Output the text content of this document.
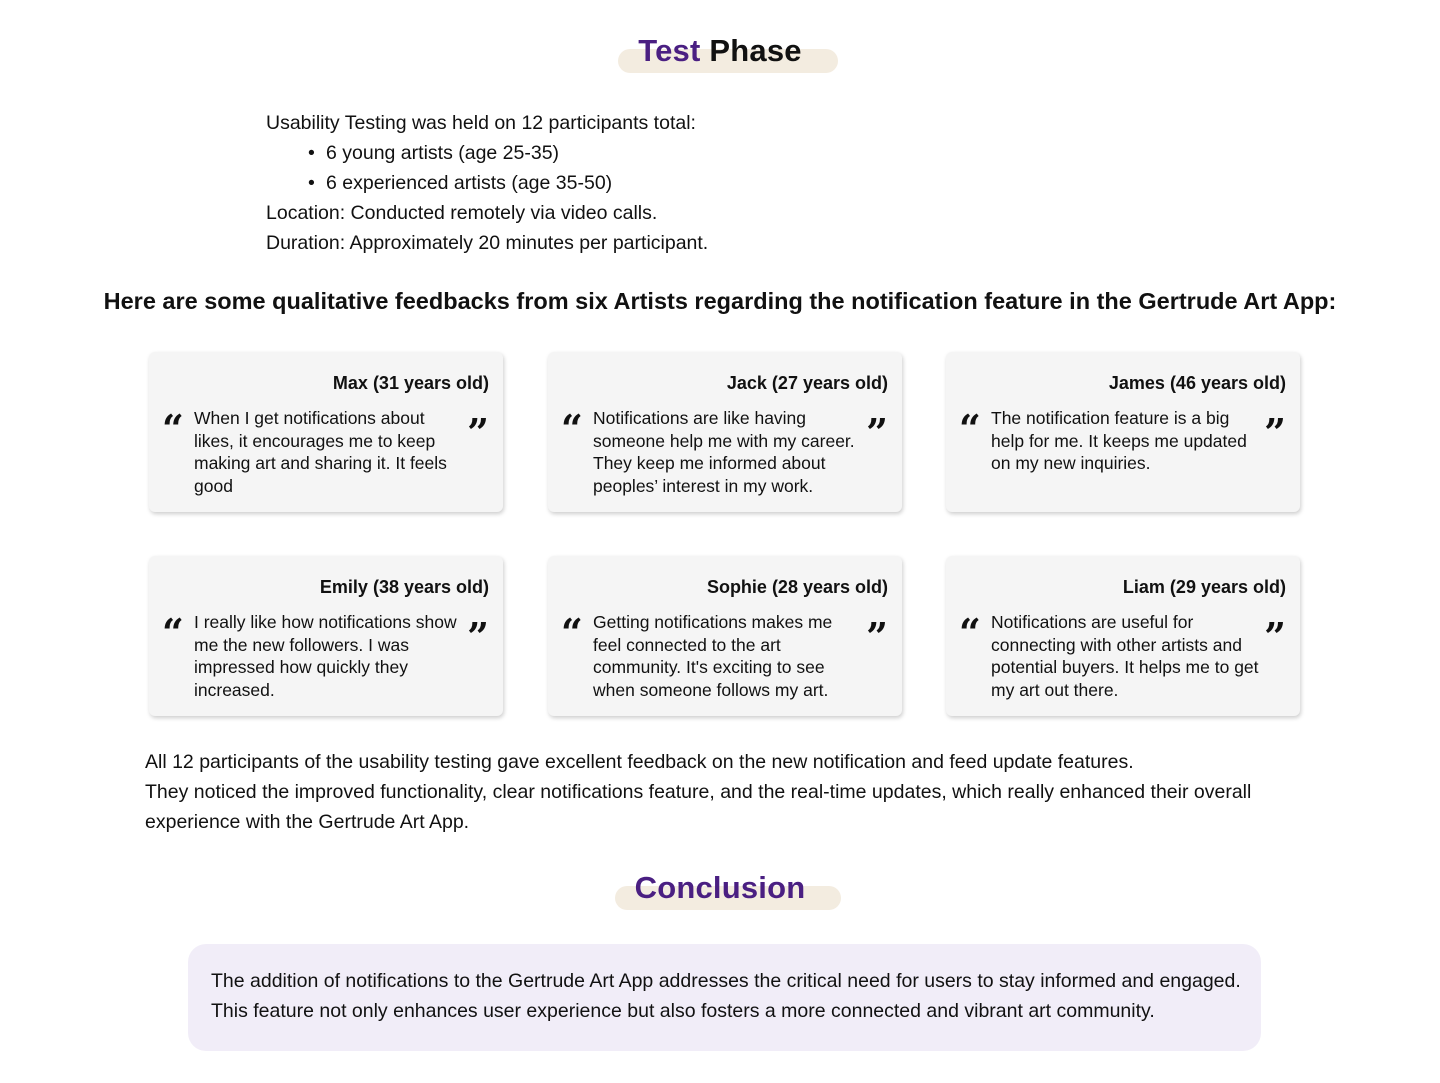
Test Phase
Usability Testing was held on 12 participants total:
• 6 young artists (age 25-35)
• 6 experienced artists (age 35-50)
Location: Conducted remotely via video calls.
Duration: Approximately 20 minutes per participant.
Here are some qualitative feedbacks from six Artists regarding the notification feature in the Gertrude Art App:
Max (31 years old)
“ When I get notifications about likes, it encourages me to keep making art and sharing it. It feels good
”
Jack (27 years old)
“ Notifications are like having someone help me with my career. They keep me informed about peoples’ interest in my work.
”
James (46 years old)
“ The notification feature is a big help for me. It keeps me updated on my new inquiries.
”
Emily (38 years old)
“ I really like how notifications show me the new followers. I was impressed how quickly they increased.
”
Sophie (28 years old)
“ Getting notifications makes me feel connected to the art community. It's exciting to see when someone follows my art.
”
Liam (29 years old)
“ Notifications are useful for connecting with other artists and potential buyers. It helps me to get my art out there.
”
All 12 participants of the usability testing gave excellent feedback on the new notification and feed update features.
They noticed the improved functionality, clear notifications feature, and the real-time updates, which really enhanced their overall experience with the Gertrude Art App.
Conclusion
The addition of notifications to the Gertrude Art App addresses the critical need for users to stay informed and engaged.
This feature not only enhances user experience but also fosters a more connected and vibrant art community.
